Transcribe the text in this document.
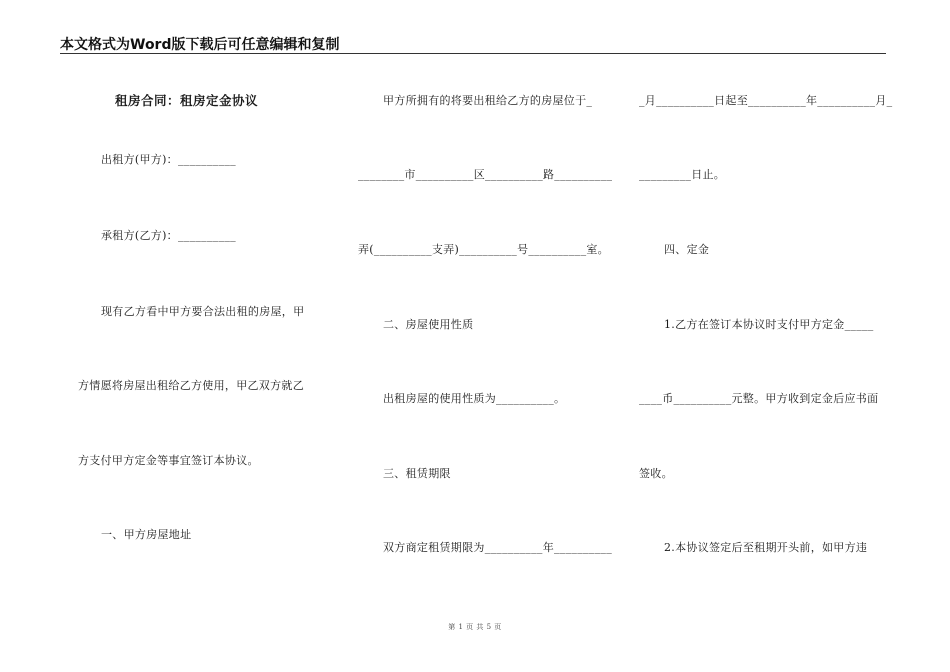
本文格式为Word版下载后可任意编辑和复制
租房合同：租房定金协议
出租方(甲方)：__________
承租方(乙方)：__________
现有乙方看中甲方要合法出租的房屋，甲
方情愿将房屋出租给乙方使用，甲乙双方就乙
方支付甲方定金等事宜签订本协议。
一、甲方房屋地址
甲方所拥有的将要出租给乙方的房屋位于_
________市__________区__________路__________
弄(__________支弄)__________号__________室。
二、房屋使用性质
出租房屋的使用性质为__________。
三、租赁期限
双方商定租赁期限为__________年__________
_月__________日起至__________年__________月_
_________日止。
四、定金
1.乙方在签订本协议时支付甲方定金_____
____币__________元整。甲方收到定金后应书面
签收。
2.本协议签定后至租期开头前，如甲方违
第 1 页 共 5 页
